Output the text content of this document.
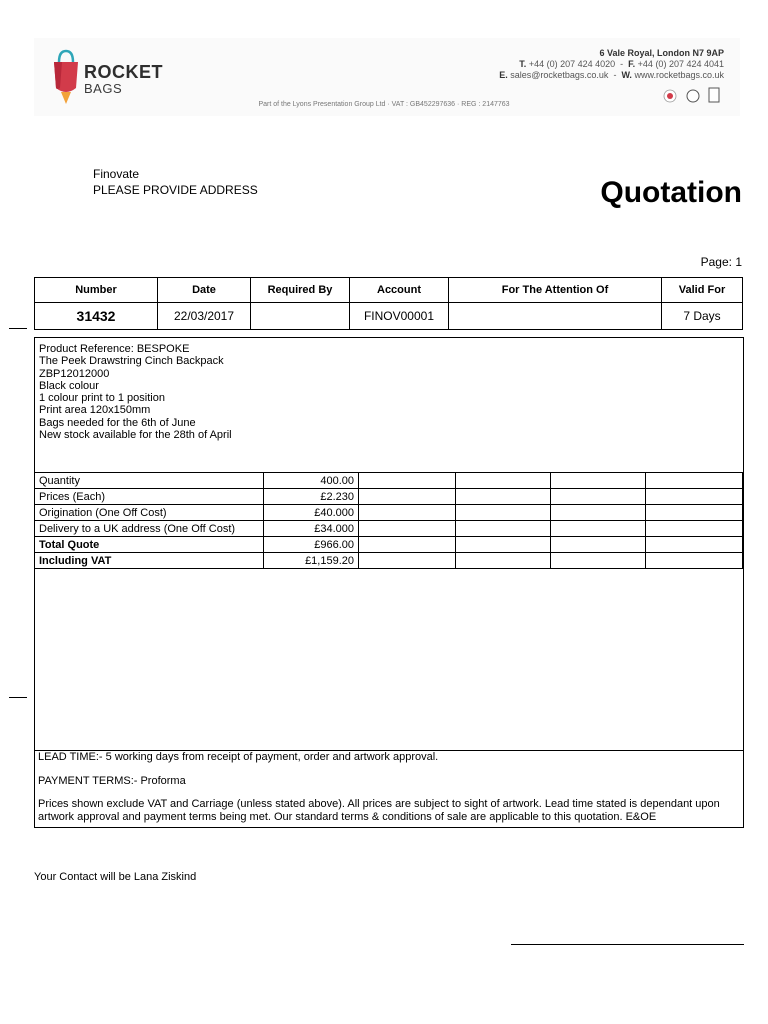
ROCKET
BAGS
6 Vale Royal, London N7 9AP
T. +44 (0) 207 424 4020  -  F. +44 (0) 207 424 4041
E. sales@rocketbags.co.uk  -  W. www.rocketbags.co.uk
Part of the Lyons Presentation Group Ltd · VAT : GB452297636 · REG : 2147763
Finovate
PLEASE PROVIDE ADDRESS	Quotation
Page: 1
Number	Date	Required By	Account	For The Attention Of	Valid For
31432	22/03/2017		FINOV00001		7 Days
Product Reference: BESPOKE
The Peek Drawstring Cinch Backpack
ZBP12012000
Black colour
1 colour print to 1 position
Print area 120x150mm
Bags needed for the 6th of June
New stock available for the 28th of April
Quantity	400.00				
Prices (Each)	£2.230				
Origination (One Off Cost)	£40.000				
Delivery to a UK address (One Off Cost)	£34.000				
Total Quote	£966.00				
Including VAT	£1,159.20				

LEAD TIME:- 5 working days from receipt of payment, order and artwork approval.

PAYMENT TERMS:- Proforma

Prices shown exclude VAT and Carriage (unless stated above). All prices are subject to sight of artwork. Lead time stated is dependant upon artwork approval and payment terms being met. Our standard terms & conditions of sale are applicable to this quotation. E&OE

Your Contact will be Lana Ziskind
